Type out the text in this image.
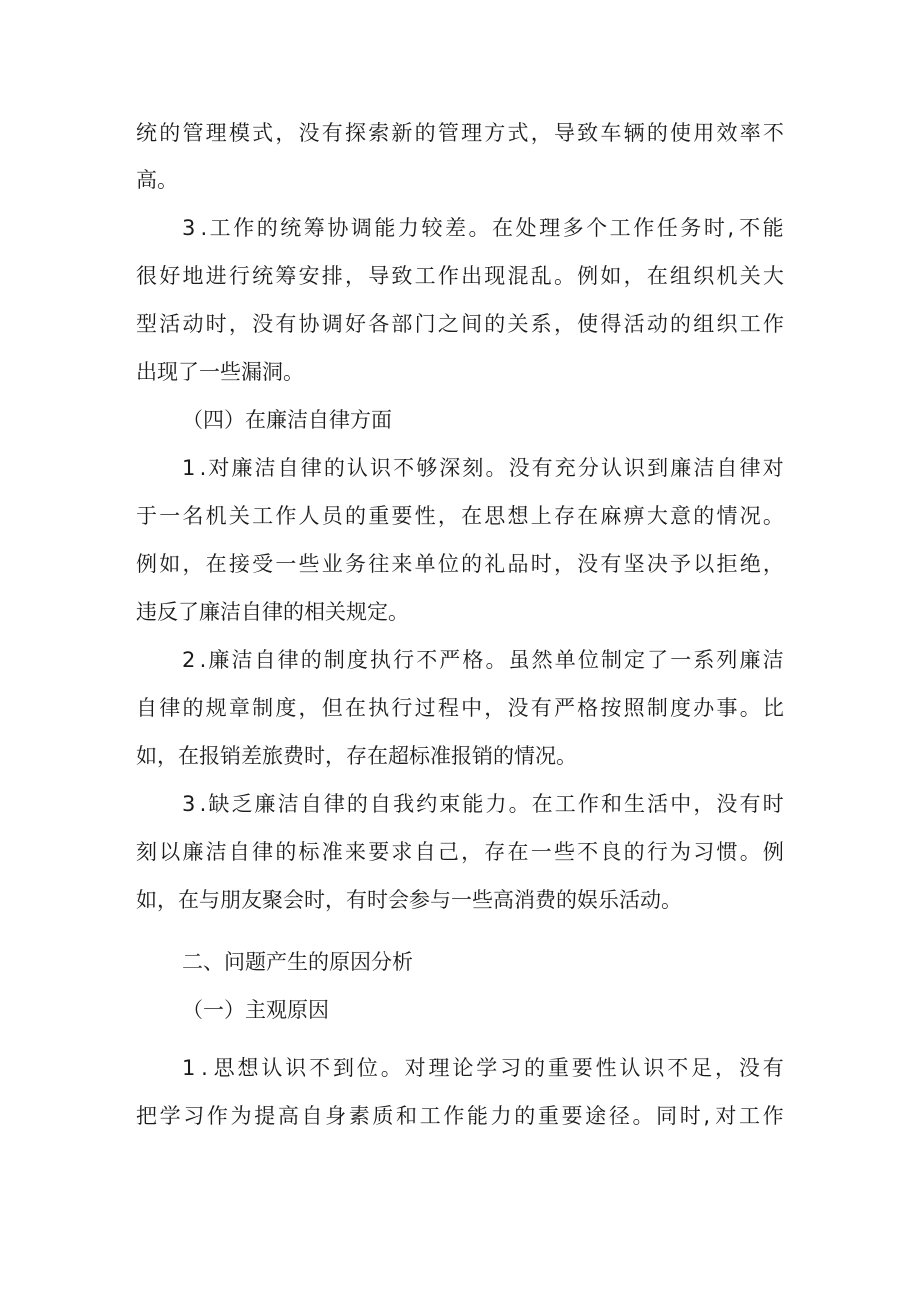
统 的 管 理 模 式 ， 没 有 探 索 新 的 管 理 方 式 ， 导 致 车 辆 的 使 用 效 率 不
高。
3 . 工 作 的 统 筹 协 调 能 力 较 差 。 在 处 理 多 个 工 作 任 务 时 , 不 能
很 好 地 进 行 统 筹 安 排 ， 导 致 工 作 出 现 混 乱 。 例 如 ， 在 组 织 机 关 大
型 活 动 时 ， 没 有 协 调 好 各 部 门 之 间 的 关 系 ， 使 得 活 动 的 组 织 工 作
出现了一些漏洞。
（四）在廉洁自律方面
1 . 对 廉 洁 自 律 的 认 识 不 够 深 刻 。 没 有 充 分 认 识 到 廉 洁 自 律 对
于 一 名 机 关 工 作 人 员 的 重 要 性 ， 在 思 想 上 存 在 麻 痹 大 意 的 情 况 。
例 如 ， 在 接 受 一 些 业 务 往 来 单 位 的 礼 品 时 ， 没 有 坚 决 予 以 拒 绝 ，
违反了廉洁自律的相关规定。
2 . 廉 洁 自 律 的 制 度 执 行 不 严 格 。 虽 然 单 位 制 定 了 一 系 列 廉 洁
自 律 的 规 章 制 度 ， 但 在 执 行 过 程 中 ， 没 有 严 格 按 照 制 度 办 事 。 比
如，在报销差旅费时，存在超标准报销的情况。
3 . 缺 乏 廉 洁 自 律 的 自 我 约 束 能 力 。 在 工 作 和 生 活 中 ， 没 有 时
刻 以 廉 洁 自 律 的 标 准 来 要 求 自 己 ， 存 在 一 些 不 良 的 行 为 习 惯 。 例
如，在与朋友聚会时，有时会参与一些高消费的娱乐活动。
二、问题产生的原因分析
（一）主观原因
1 . 思 想 认 识 不 到 位 。 对 理 论 学 习 的 重 要 性 认 识 不 足 ， 没 有
把 学 习 作 为 提 高 自 身 素 质 和 工 作 能 力 的 重 要 途 径 。 同 时 , 对 工 作
